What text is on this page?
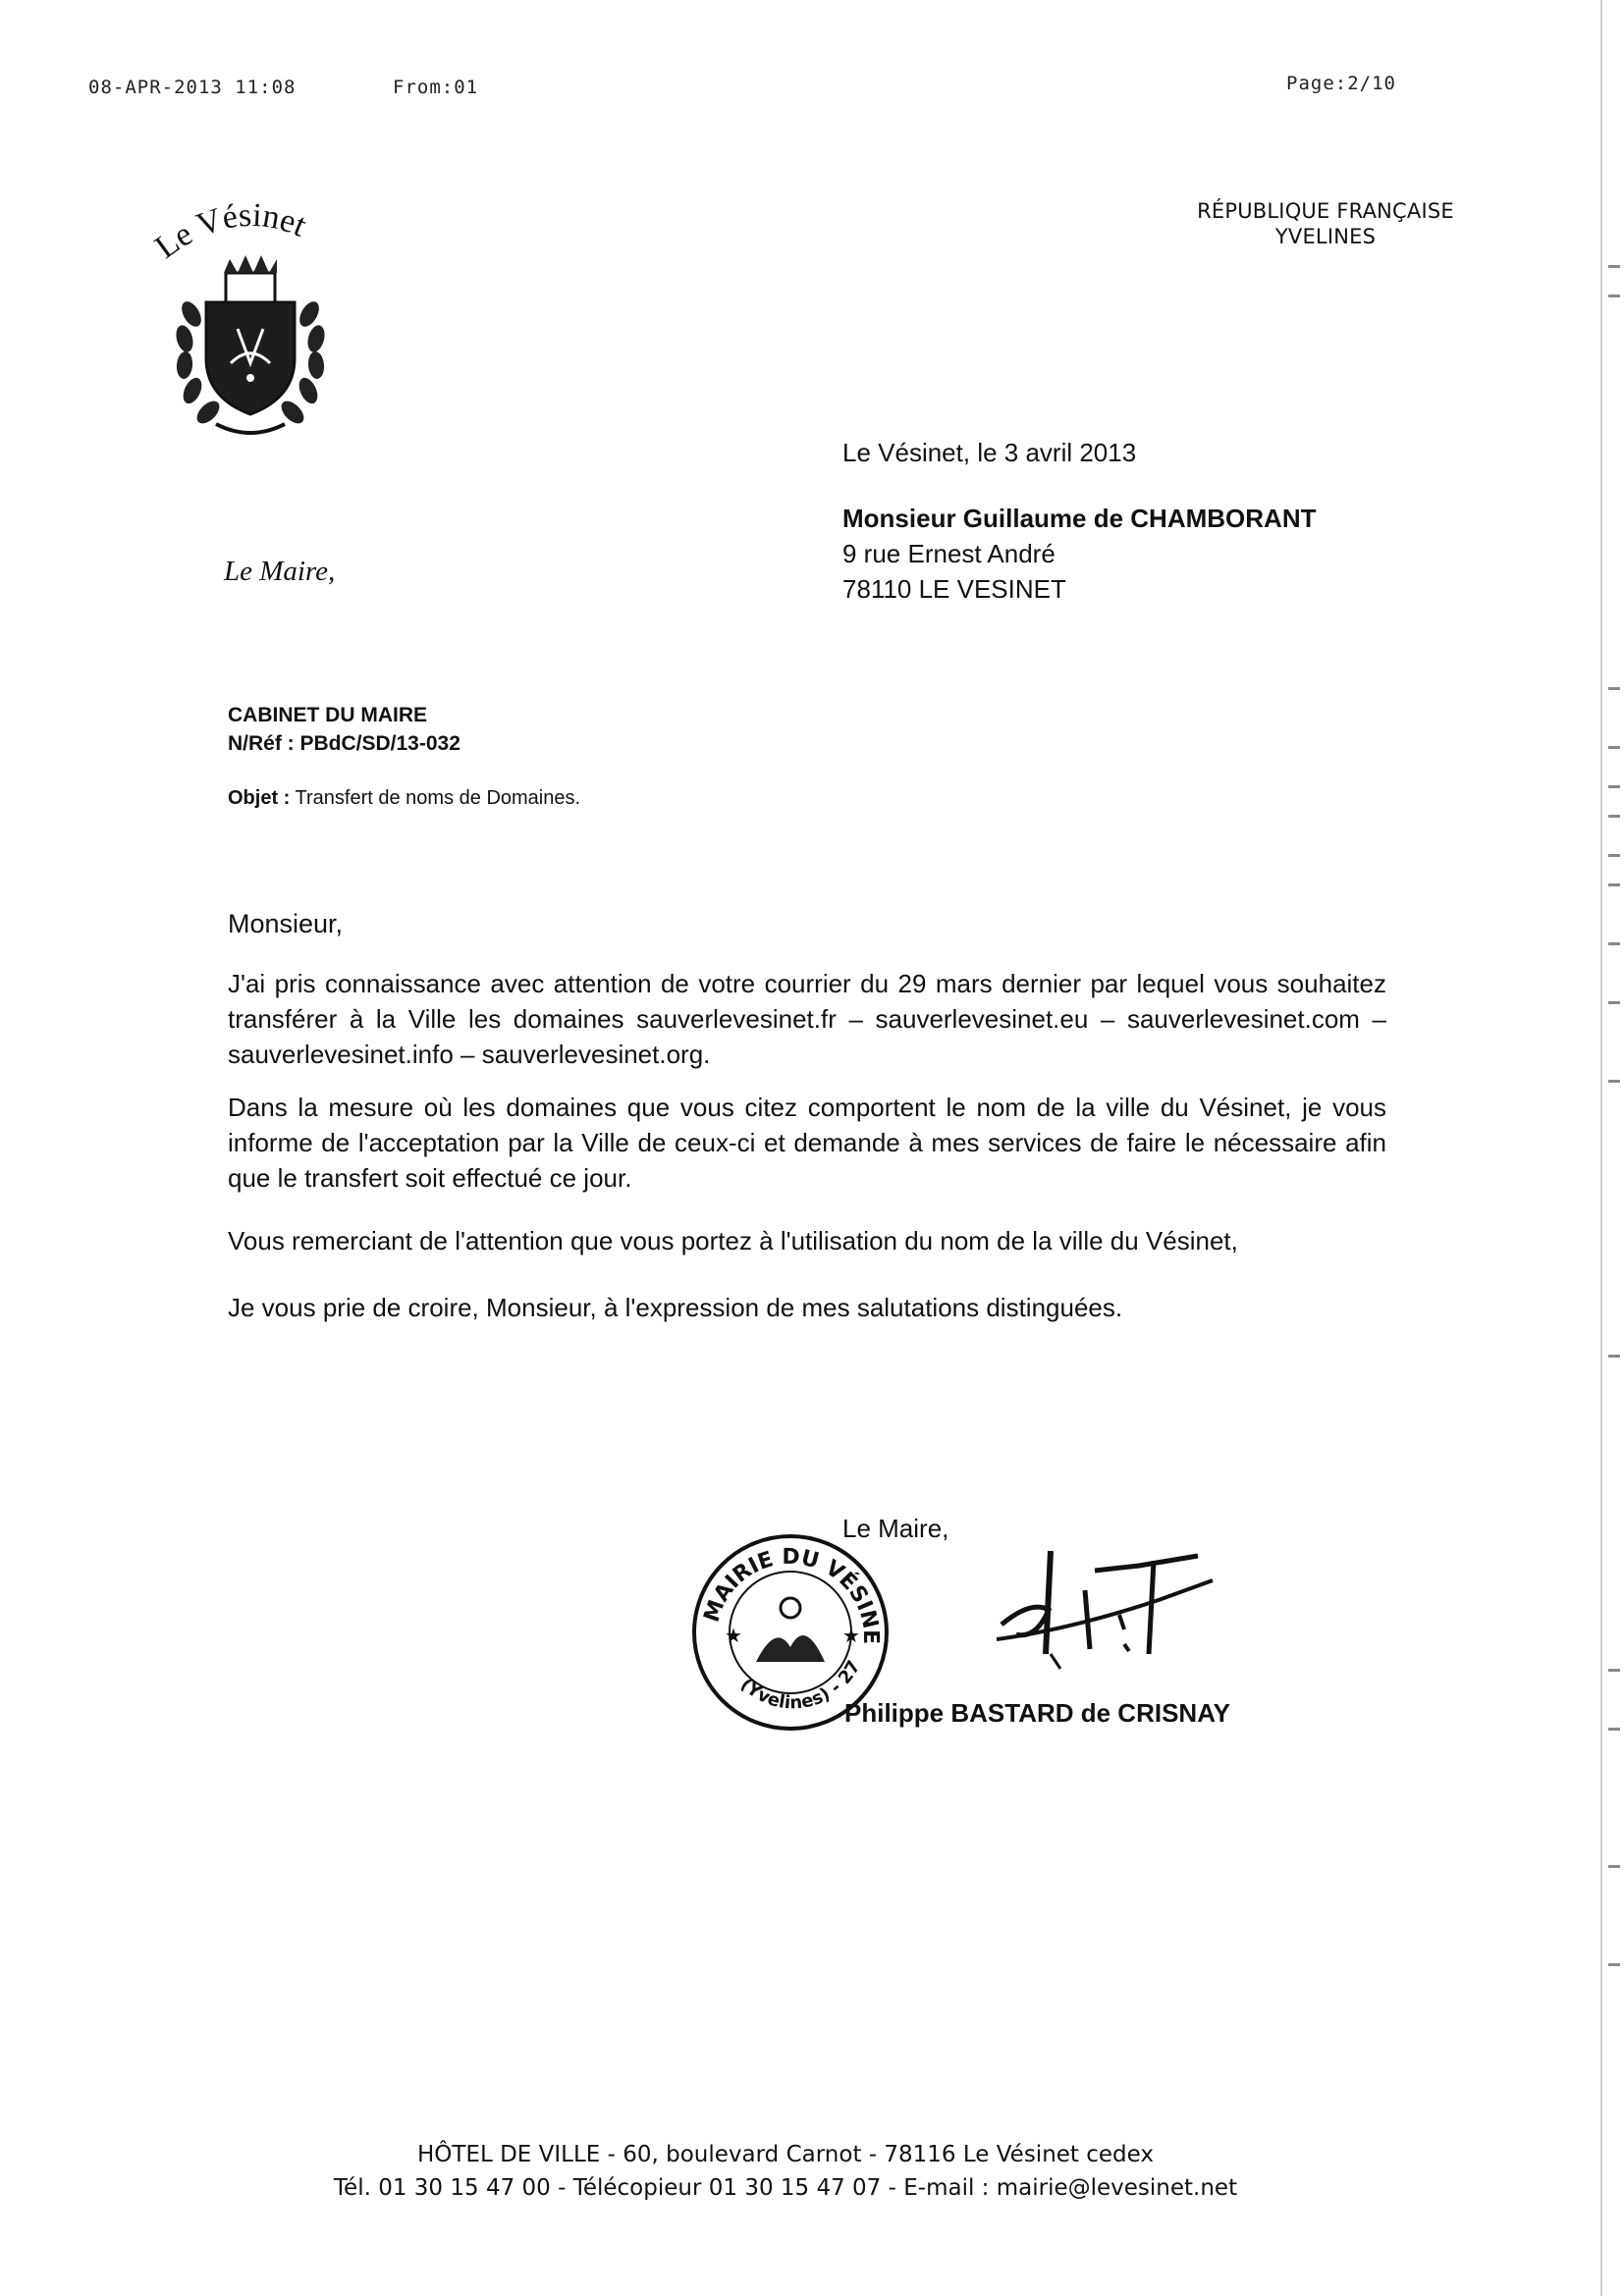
08-APR-2013 11:08	From:01	Page:2/10
Le Vésinet	RÉPUBLIQUE FRANÇAISE
YVELINES
Le Maire,
Le Vésinet, le 3 avril 2013
Monsieur Guillaume de CHAMBORANT
9 rue Ernest André
78110 LE VESINET
CABINET DU MAIRE
N/Réf : PBdC/SD/13-032
Objet : Transfert de noms de Domaines.
Monsieur,
J'ai pris connaissance avec attention de votre courrier du 29 mars dernier par lequel vous souhaitez transférer à la Ville les domaines sauverlevesinet.fr – sauverlevesinet.eu – sauverlevesinet.com – sauverlevesinet.info – sauverlevesinet.org.
Dans la mesure où les domaines que vous citez comportent le nom de la ville du Vésinet, je vous informe de l'acceptation par la Ville de ceux-ci et demande à mes services de faire le nécessaire afin que le transfert soit effectué ce jour.
Vous remerciant de l'attention que vous portez à l'utilisation du nom de la ville du Vésinet,
Je vous prie de croire, Monsieur, à l'expression de mes salutations distinguées.
Le Maire,
MAIRIE DU VÉSINE
(Yvelines) - 27
★	★
Philippe BASTARD de CRISNAY
HÔTEL DE VILLE - 60, boulevard Carnot - 78116 Le Vésinet cedex
Tél. 01 30 15 47 00 - Télécopieur 01 30 15 47 07 - E-mail : mairie@levesinet.net
